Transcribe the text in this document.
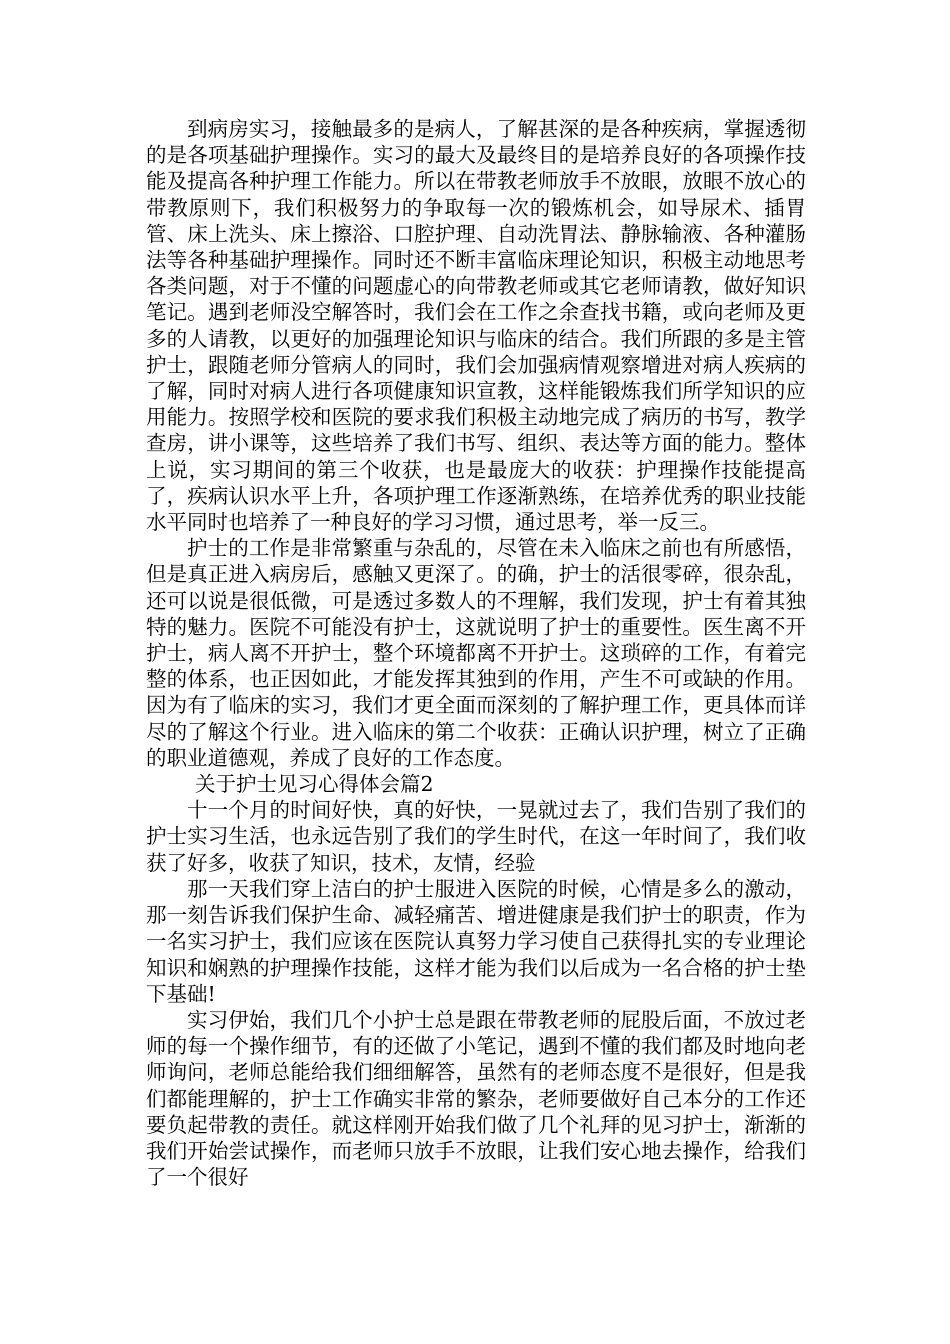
到病房实习，接触最多的是病人，了解甚深的是各种疾病，掌握透彻的是各项基础护理操作。实习的最大及最终目的是培养良好的各项操作技能及提高各种护理工作能力。所以在带教老师放手不放眼，放眼不放心的带教原则下，我们积极努力的争取每一次的锻炼机会，如导尿术、插胃管、床上洗头、床上擦浴、口腔护理、自动洗胃法、静脉输液、各种灌肠法等各种基础护理操作。同时还不断丰富临床理论知识，积极主动地思考各类问题，对于不懂的问题虚心的向带教老师或其它老师请教，做好知识笔记。遇到老师没空解答时，我们会在工作之余查找书籍，或向老师及更多的人请教，以更好的加强理论知识与临床的结合。我们所跟的多是主管护士，跟随老师分管病人的同时，我们会加强病情观察增进对病人疾病的了解，同时对病人进行各项健康知识宣教，这样能锻炼我们所学知识的应用能力。按照学校和医院的要求我们积极主动地完成了病历的书写，教学查房，讲小课等，这些培养了我们书写、组织、表达等方面的能力。整体上说，实习期间的第三个收获，也是最庞大的收获：护理操作技能提高了，疾病认识水平上升，各项护理工作逐渐熟练，在培养优秀的职业技能水平同时也培养了一种良好的学习习惯，通过思考，举一反三。

护士的工作是非常繁重与杂乱的，尽管在未入临床之前也有所感悟，但是真正进入病房后，感触又更深了。的确，护士的活很零碎，很杂乱，还可以说是很低微，可是透过多数人的不理解，我们发现，护士有着其独特的魅力。医院不可能没有护士，这就说明了护士的重要性。医生离不开护士，病人离不开护士，整个环境都离不开护士。这琐碎的工作，有着完整的体系，也正因如此，才能发挥其独到的作用，产生不可或缺的作用。因为有了临床的实习，我们才更全面而深刻的了解护理工作，更具体而详尽的了解这个行业。进入临床的第二个收获：正确认识护理，树立了正确的职业道德观，养成了良好的工作态度。

关于护士见习心得体会篇2

十一个月的时间好快，真的好快，一晃就过去了，我们告别了我们的护士实习生活，也永远告别了我们的学生时代，在这一年时间了，我们收获了好多，收获了知识，技术，友情，经验

那一天我们穿上洁白的护士服进入医院的时候，心情是多么的激动，那一刻告诉我们保护生命、减轻痛苦、增进健康是我们护士的职责，作为一名实习护士，我们应该在医院认真努力学习使自己获得扎实的专业理论知识和娴熟的护理操作技能，这样才能为我们以后成为一名合格的护士垫下基础!

实习伊始，我们几个小护士总是跟在带教老师的屁股后面，不放过老师的每一个操作细节，有的还做了小笔记，遇到不懂的我们都及时地向老师询问，老师总能给我们细细解答，虽然有的老师态度不是很好，但是我们都能理解的，护士工作确实非常的繁杂，老师要做好自己本分的工作还要负起带教的责任。就这样刚开始我们做了几个礼拜的见习护士，渐渐的我们开始尝试操作，而老师只放手不放眼，让我们安心地去操作，给我们了一个很好
